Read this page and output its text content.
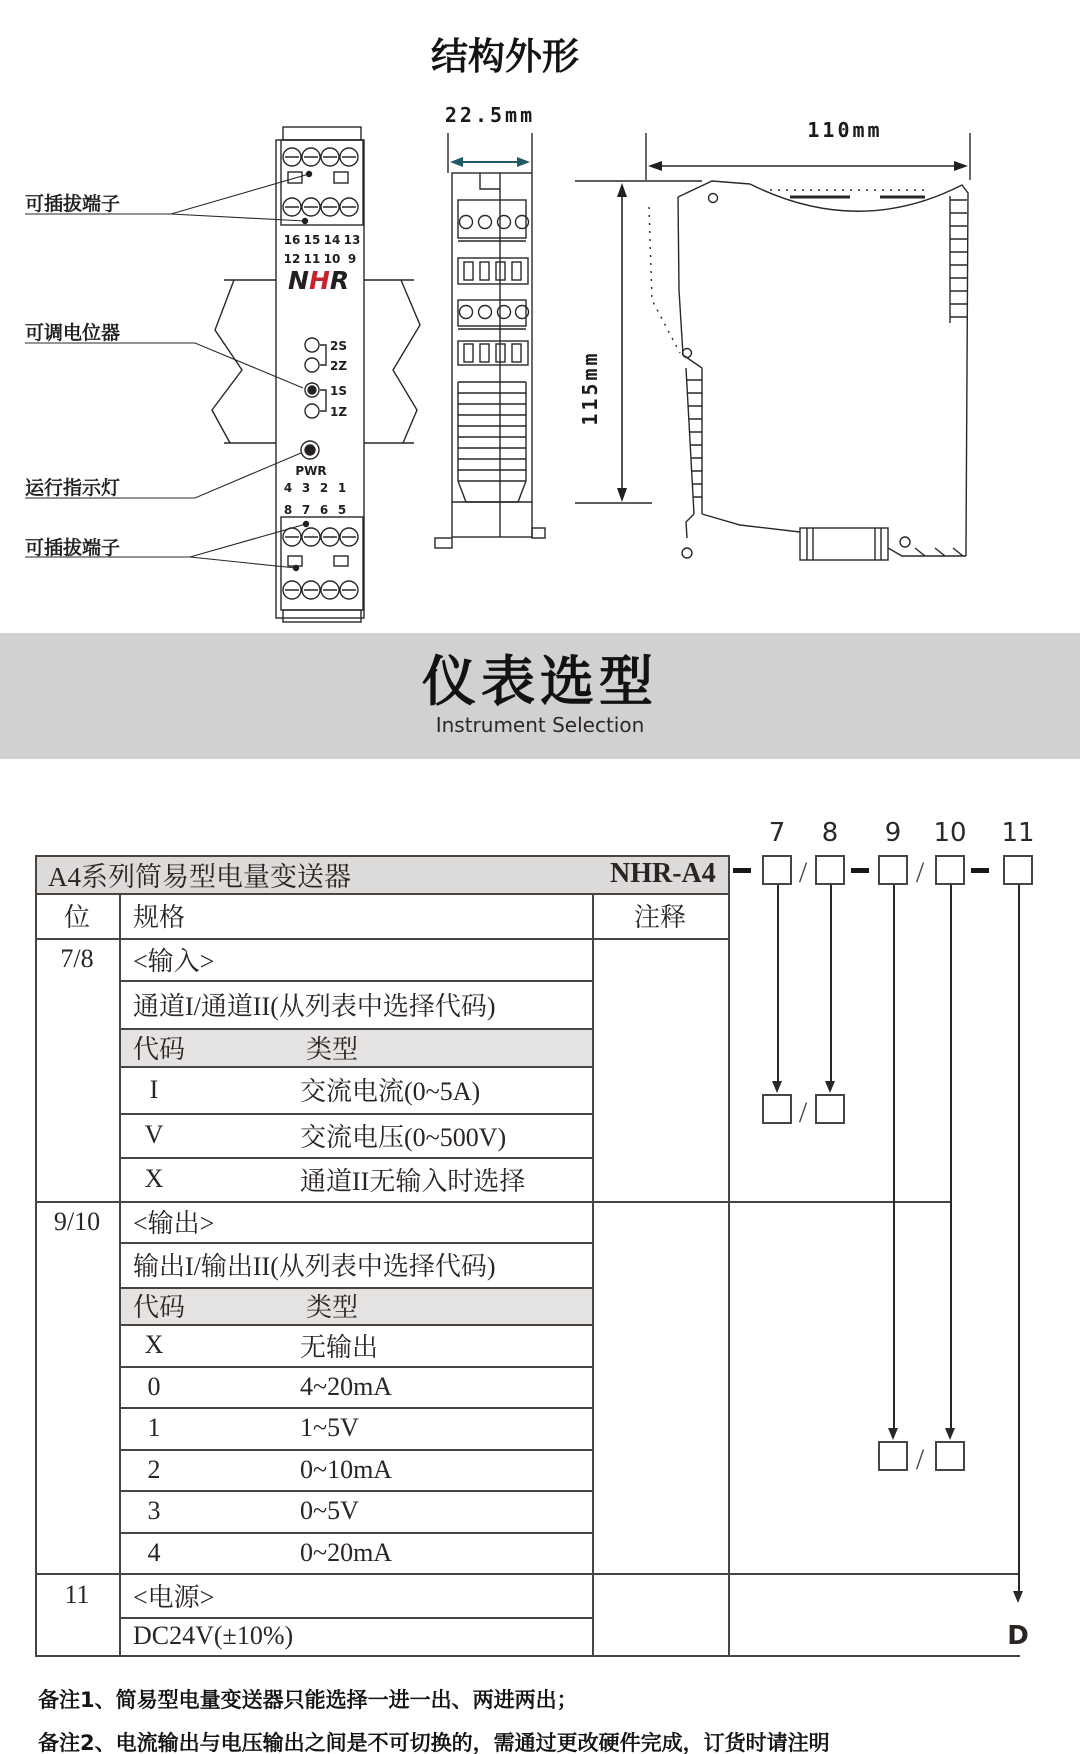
结构外形
可插拔端子
可调电位器
运行指示灯
可插拔端子
NHR
16 15 14 13
12 11 10 9
2S
2Z
1S
1Z
PWR
4 3 2 1
8 7 6 5
22.5mm
110mm
115mm
仪表选型
Instrument Selection
A4系列简易型电量变送器	NHR-A4
位	规格	注释
7/8	<输入>
通道I/通道II(从列表中选择代码)
代码	类型
I	交流电流(0~5A)
V	交流电压(0~500V)
X	通道II无输入时选择
9/10	<输出>
输出I/输出II(从列表中选择代码)
代码	类型
X	无输出
0	4~20mA
1	1~5V
2	0~10mA
3	0~5V
4	0~20mA
11	<电源>
DC24V(±10%)
7 8 9 10 11
/	/
/
/
D
备注1、简易型电量变送器只能选择一进一出、两进两出；
备注2、电流输出与电压输出之间是不可切换的，需通过更改硬件完成，订货时请注明
